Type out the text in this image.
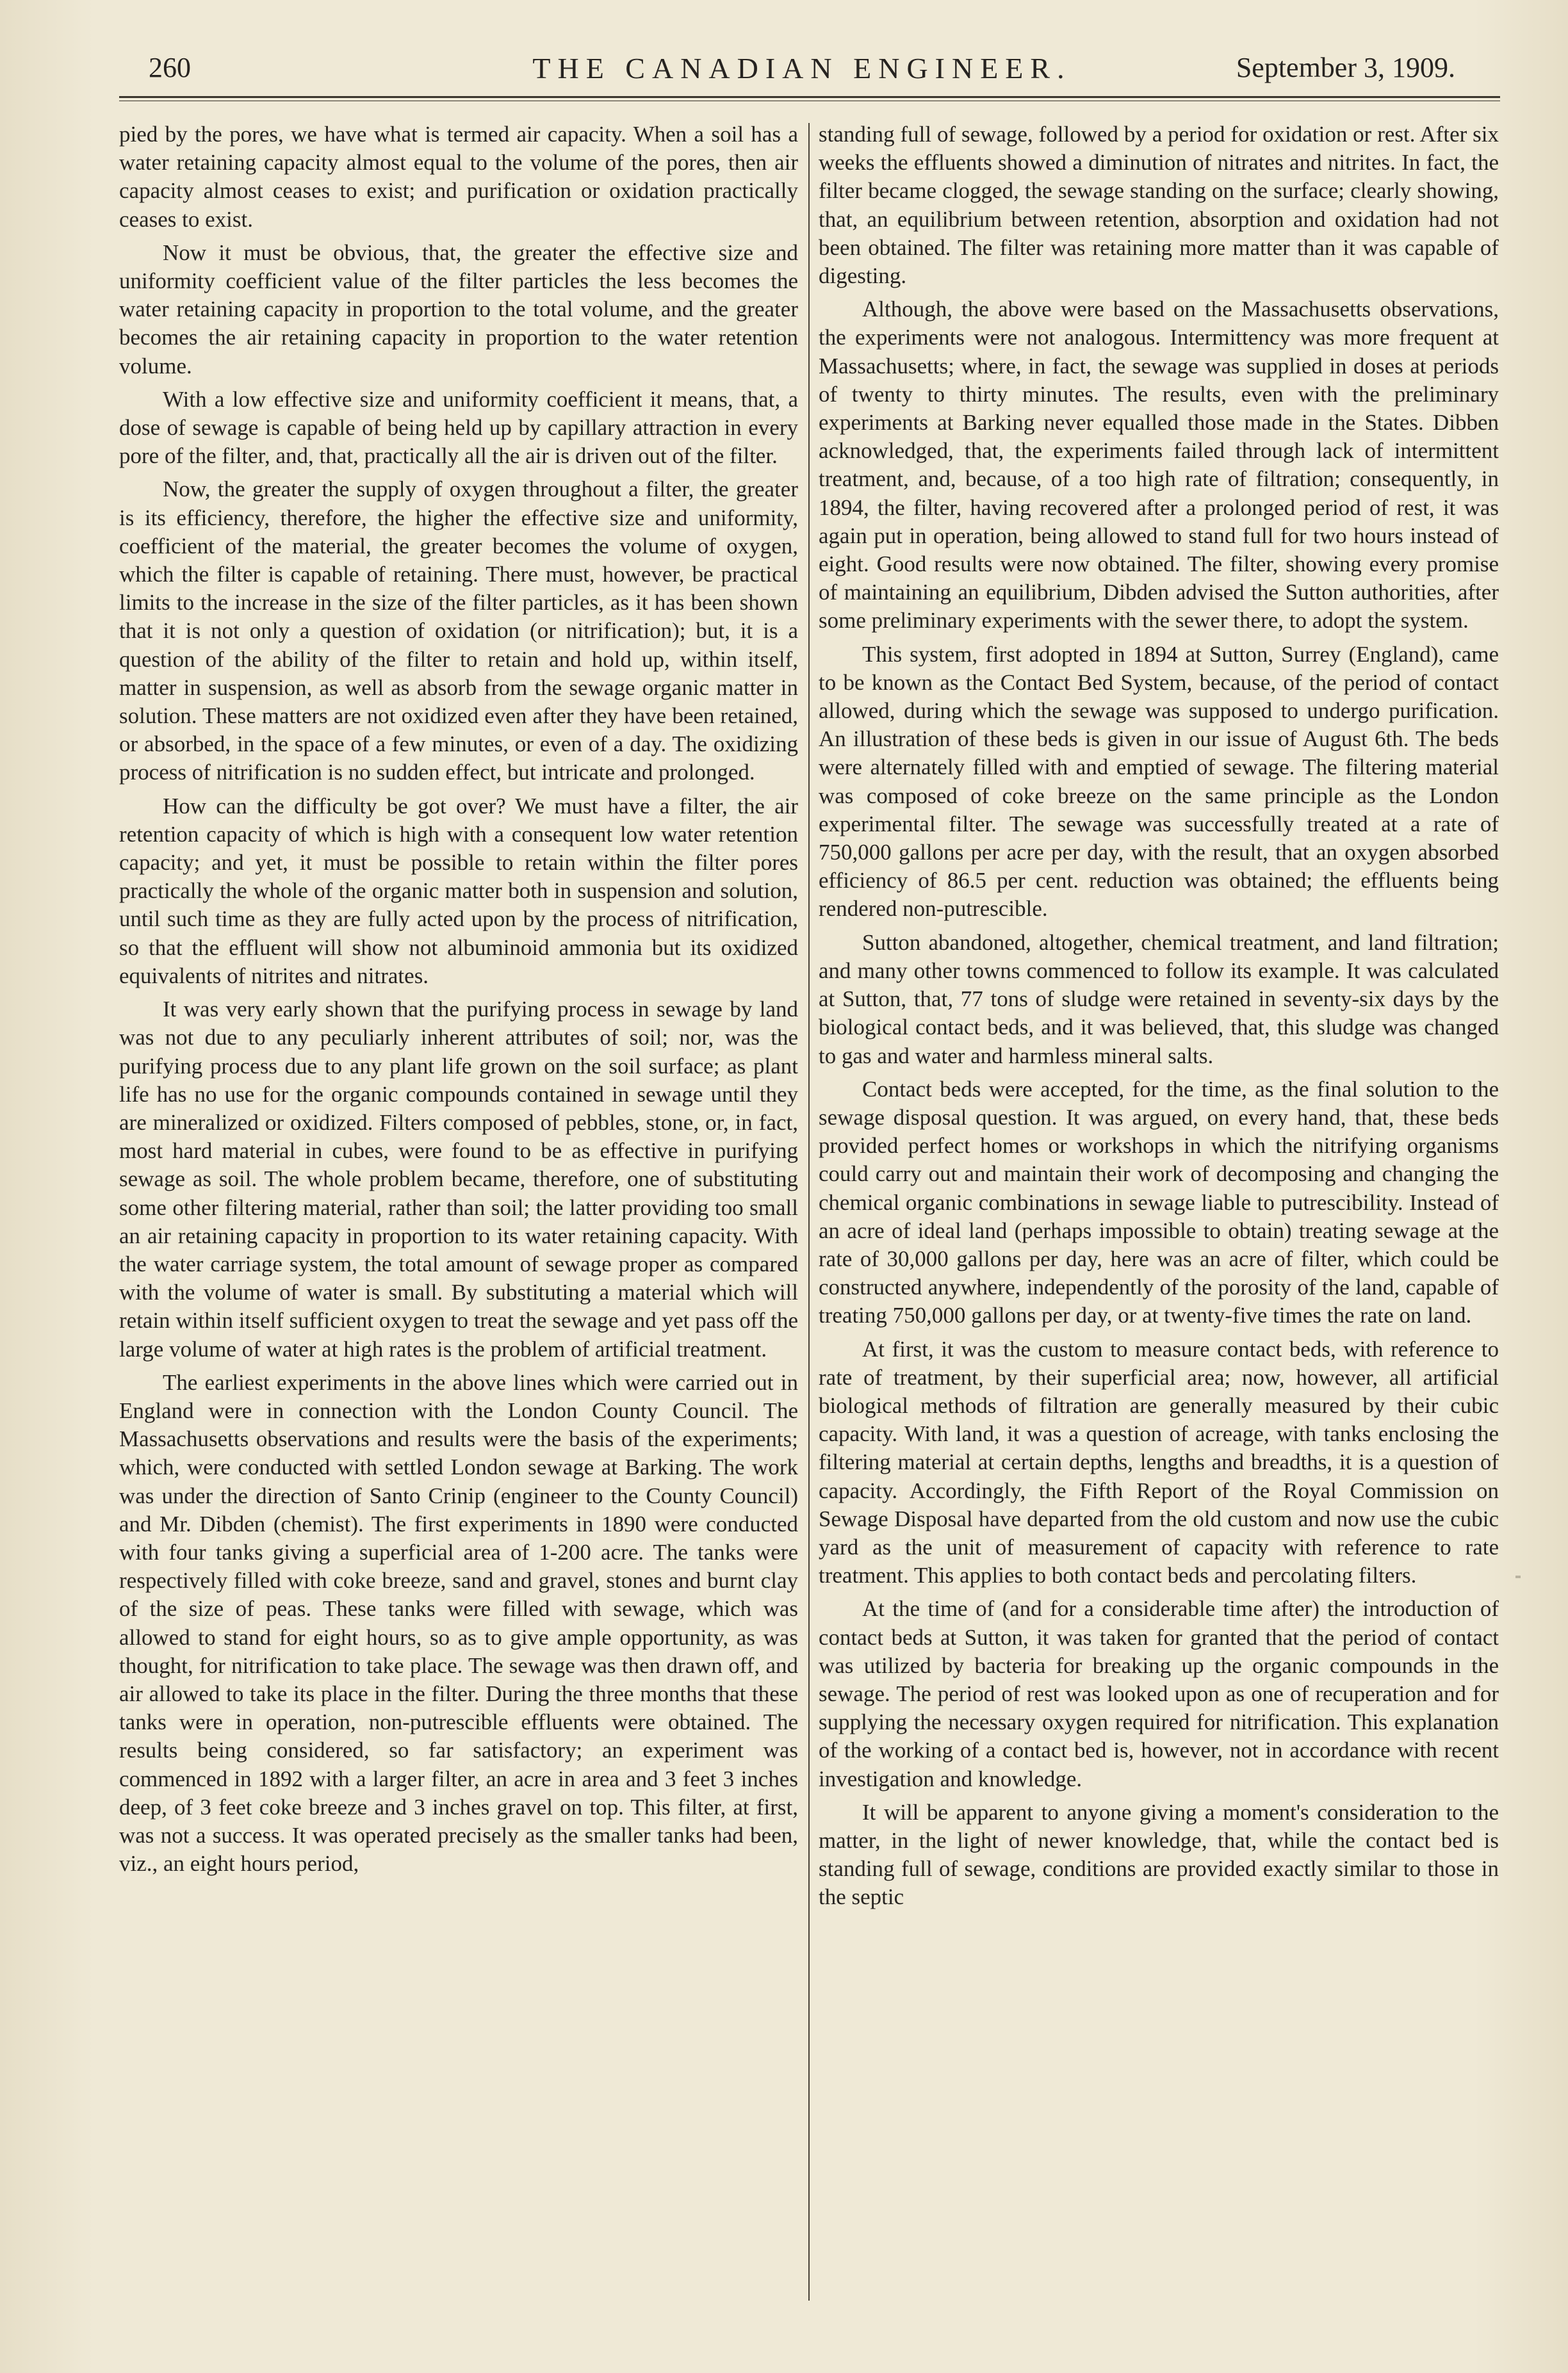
260	THE CANADIAN ENGINEER.	September 3, 1909.

pied by the pores, we have what is termed air capacity. When a soil has a water retaining capacity almost equal to the volume of the pores, then air capacity almost ceases to exist; and purification or oxidation practically ceases to exist.

Now it must be obvious, that, the greater the effective size and uniformity coefficient value of the filter particles the less becomes the water retaining capacity in proportion to the total volume, and the greater becomes the air retaining capacity in proportion to the water retention volume.

With a low effective size and uniformity coefficient it means, that, a dose of sewage is capable of being held up by capillary attraction in every pore of the filter, and, that, practically all the air is driven out of the filter.

Now, the greater the supply of oxygen throughout a filter, the greater is its efficiency, therefore, the higher the effective size and uniformity, coefficient of the material, the greater becomes the volume of oxygen, which the filter is capable of retaining. There must, however, be practical limits to the increase in the size of the filter particles, as it has been shown that it is not only a question of oxidation (or nitrification); but, it is a question of the ability of the filter to retain and hold up, within itself, matter in suspension, as well as absorb from the sewage organic matter in solution. These matters are not oxidized even after they have been retained, or absorbed, in the space of a few minutes, or even of a day. The oxidizing process of nitrification is no sudden effect, but intricate and prolonged.

How can the difficulty be got over? We must have a filter, the air retention capacity of which is high with a consequent low water retention capacity; and yet, it must be possible to retain within the filter pores practically the whole of the organic matter both in suspension and solution, until such time as they are fully acted upon by the process of nitrification, so that the effluent will show not albuminoid ammonia but its oxidized equivalents of nitrites and nitrates.

It was very early shown that the purifying process in sewage by land was not due to any peculiarly inherent attributes of soil; nor, was the purifying process due to any plant life grown on the soil surface; as plant life has no use for the organic compounds contained in sewage until they are mineralized or oxidized. Filters composed of pebbles, stone, or, in fact, most hard material in cubes, were found to be as effective in purifying sewage as soil. The whole problem became, therefore, one of substituting some other filtering material, rather than soil; the latter providing too small an air retaining capacity in proportion to its water retaining capacity. With the water carriage system, the total amount of sewage proper as compared with the volume of water is small. By substituting a material which will retain within itself sufficient oxygen to treat the sewage and yet pass off the large volume of water at high rates is the problem of artificial treatment.

The earliest experiments in the above lines which were carried out in England were in connection with the London County Council. The Massachusetts observations and results were the basis of the experiments; which, were conducted with settled London sewage at Barking. The work was under the direction of Santo Crinip (engineer to the County Council) and Mr. Dibden (chemist). The first experiments in 1890 were conducted with four tanks giving a superficial area of 1-200 acre. The tanks were respectively filled with coke breeze, sand and gravel, stones and burnt clay of the size of peas. These tanks were filled with sewage, which was allowed to stand for eight hours, so as to give ample opportunity, as was thought, for nitrification to take place. The sewage was then drawn off, and air allowed to take its place in the filter. During the three months that these tanks were in operation, non-putrescible effluents were obtained. The results being considered, so far satisfactory; an experiment was commenced in 1892 with a larger filter, an acre in area and 3 feet 3 inches deep, of 3 feet coke breeze and 3 inches gravel on top. This filter, at first, was not a success. It was operated precisely as the smaller tanks had been, viz., an eight hours period,

standing full of sewage, followed by a period for oxidation or rest. After six weeks the effluents showed a diminution of nitrates and nitrites. In fact, the filter became clogged, the sewage standing on the surface; clearly showing, that, an equilibrium between retention, absorption and oxidation had not been obtained. The filter was retaining more matter than it was capable of digesting.

Although, the above were based on the Massachusetts observations, the experiments were not analogous. Intermittency was more frequent at Massachusetts; where, in fact, the sewage was supplied in doses at periods of twenty to thirty minutes. The results, even with the preliminary experiments at Barking never equalled those made in the States. Dibben acknowledged, that, the experiments failed through lack of intermittent treatment, and, because, of a too high rate of filtration; consequently, in 1894, the filter, having recovered after a prolonged period of rest, it was again put in operation, being allowed to stand full for two hours instead of eight. Good results were now obtained. The filter, showing every promise of maintaining an equilibrium, Dibden advised the Sutton authorities, after some preliminary experiments with the sewer there, to adopt the system.

This system, first adopted in 1894 at Sutton, Surrey (England), came to be known as the Contact Bed System, because, of the period of contact allowed, during which the sewage was supposed to undergo purification. An illustration of these beds is given in our issue of August 6th. The beds were alternately filled with and emptied of sewage. The filtering material was composed of coke breeze on the same principle as the London experimental filter. The sewage was successfully treated at a rate of 750,000 gallons per acre per day, with the result, that an oxygen absorbed efficiency of 86.5 per cent. reduction was obtained; the effluents being rendered non-putrescible.

Sutton abandoned, altogether, chemical treatment, and land filtration; and many other towns commenced to follow its example. It was calculated at Sutton, that, 77 tons of sludge were retained in seventy-six days by the biological contact beds, and it was believed, that, this sludge was changed to gas and water and harmless mineral salts.

Contact beds were accepted, for the time, as the final solution to the sewage disposal question. It was argued, on every hand, that, these beds provided perfect homes or workshops in which the nitrifying organisms could carry out and maintain their work of decomposing and changing the chemical organic combinations in sewage liable to putrescibility. Instead of an acre of ideal land (perhaps impossible to obtain) treating sewage at the rate of 30,000 gallons per day, here was an acre of filter, which could be constructed anywhere, independently of the porosity of the land, capable of treating 750,000 gallons per day, or at twenty-five times the rate on land.

At first, it was the custom to measure contact beds, with reference to rate of treatment, by their superficial area; now, however, all artificial biological methods of filtration are generally measured by their cubic capacity. With land, it was a question of acreage, with tanks enclosing the filtering material at certain depths, lengths and breadths, it is a question of capacity. Accordingly, the Fifth Report of the Royal Commission on Sewage Disposal have departed from the old custom and now use the cubic yard as the unit of measurement of capacity with reference to rate treatment. This applies to both contact beds and percolating filters.

At the time of (and for a considerable time after) the introduction of contact beds at Sutton, it was taken for granted that the period of contact was utilized by bacteria for breaking up the organic compounds in the sewage. The period of rest was looked upon as one of recuperation and for supplying the necessary oxygen required for nitrification. This explanation of the working of a contact bed is, however, not in accordance with recent investigation and knowledge.

It will be apparent to anyone giving a moment's consideration to the matter, in the light of newer knowledge, that, while the contact bed is standing full of sewage, conditions are provided exactly similar to those in the septic
